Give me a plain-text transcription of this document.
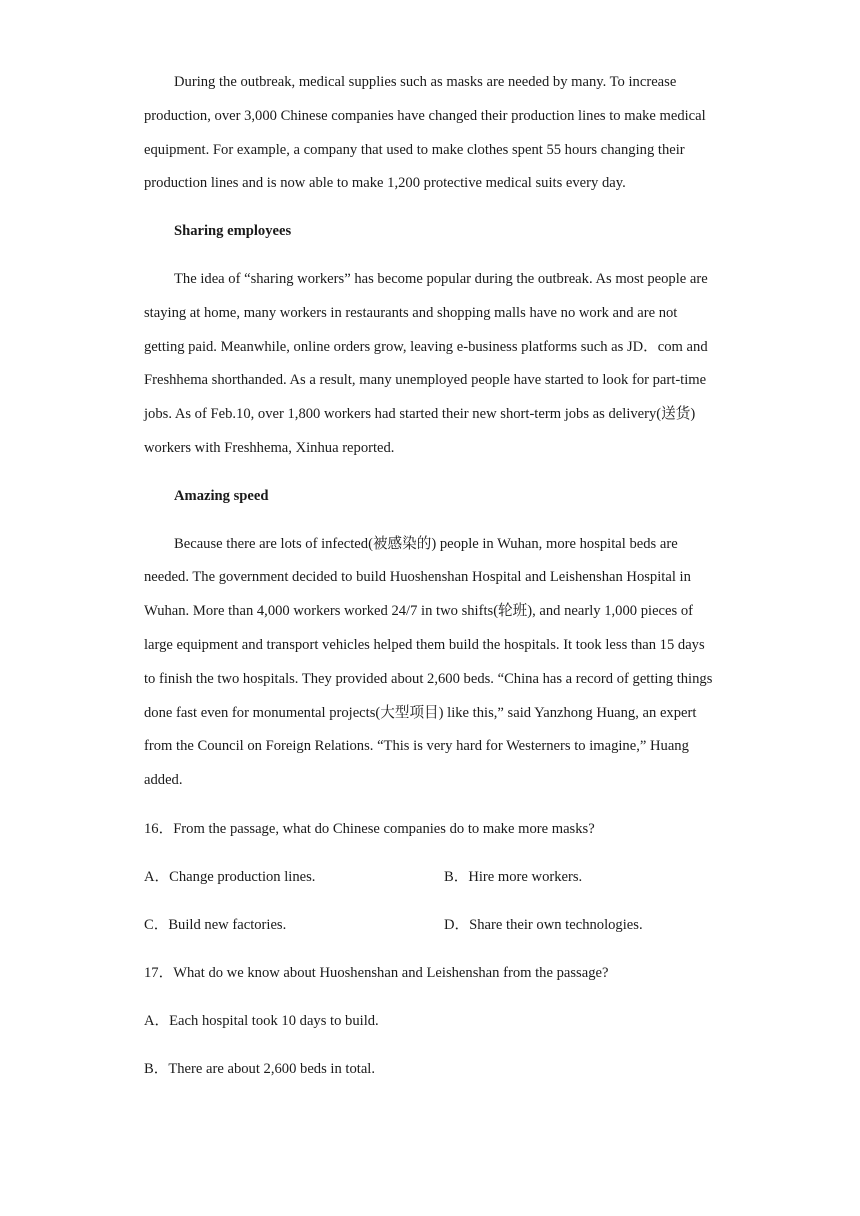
During the outbreak, medical supplies such as masks are needed by many. To increase production, over 3,000 Chinese companies have changed their production lines to make medical equipment. For example, a company that used to make clothes spent 55 hours changing their production lines and is now able to make 1,200 protective medical suits every day.

Sharing employees

The idea of “sharing workers” has become popular during the outbreak. As most people are staying at home, many workers in restaurants and shopping malls have no work and are not getting paid. Meanwhile, online orders grow, leaving e-business platforms such as JD．com and Freshhema shorthanded. As a result, many unemployed people have started to look for part-time jobs. As of Feb.10, over 1,800 workers had started their new short-term jobs as delivery(送货) workers with Freshhema, Xinhua reported.

Amazing speed

Because there are lots of infected(被感染的) people in Wuhan, more hospital beds are needed. The government decided to build Huoshenshan Hospital and Leishenshan Hospital in Wuhan. More than 4,000 workers worked 24/7 in two shifts(轮班), and nearly 1,000 pieces of large equipment and transport vehicles helped them build the hospitals. It took less than 15 days to finish the two hospitals. They provided about 2,600 beds. “China has a record of getting things done fast even for monumental projects(大型项目) like this,” said Yanzhong Huang, an expert from the Council on Foreign Relations. “This is very hard for Westerners to imagine,” Huang added.

16．From the passage, what do Chinese companies do to make more masks?

A．Change production lines.	B．Hire more workers.

C．Build new factories.	D．Share their own technologies.

17．What do we know about Huoshenshan and Leishenshan from the passage?

A．Each hospital took 10 days to build.

B．There are about 2,600 beds in total.
